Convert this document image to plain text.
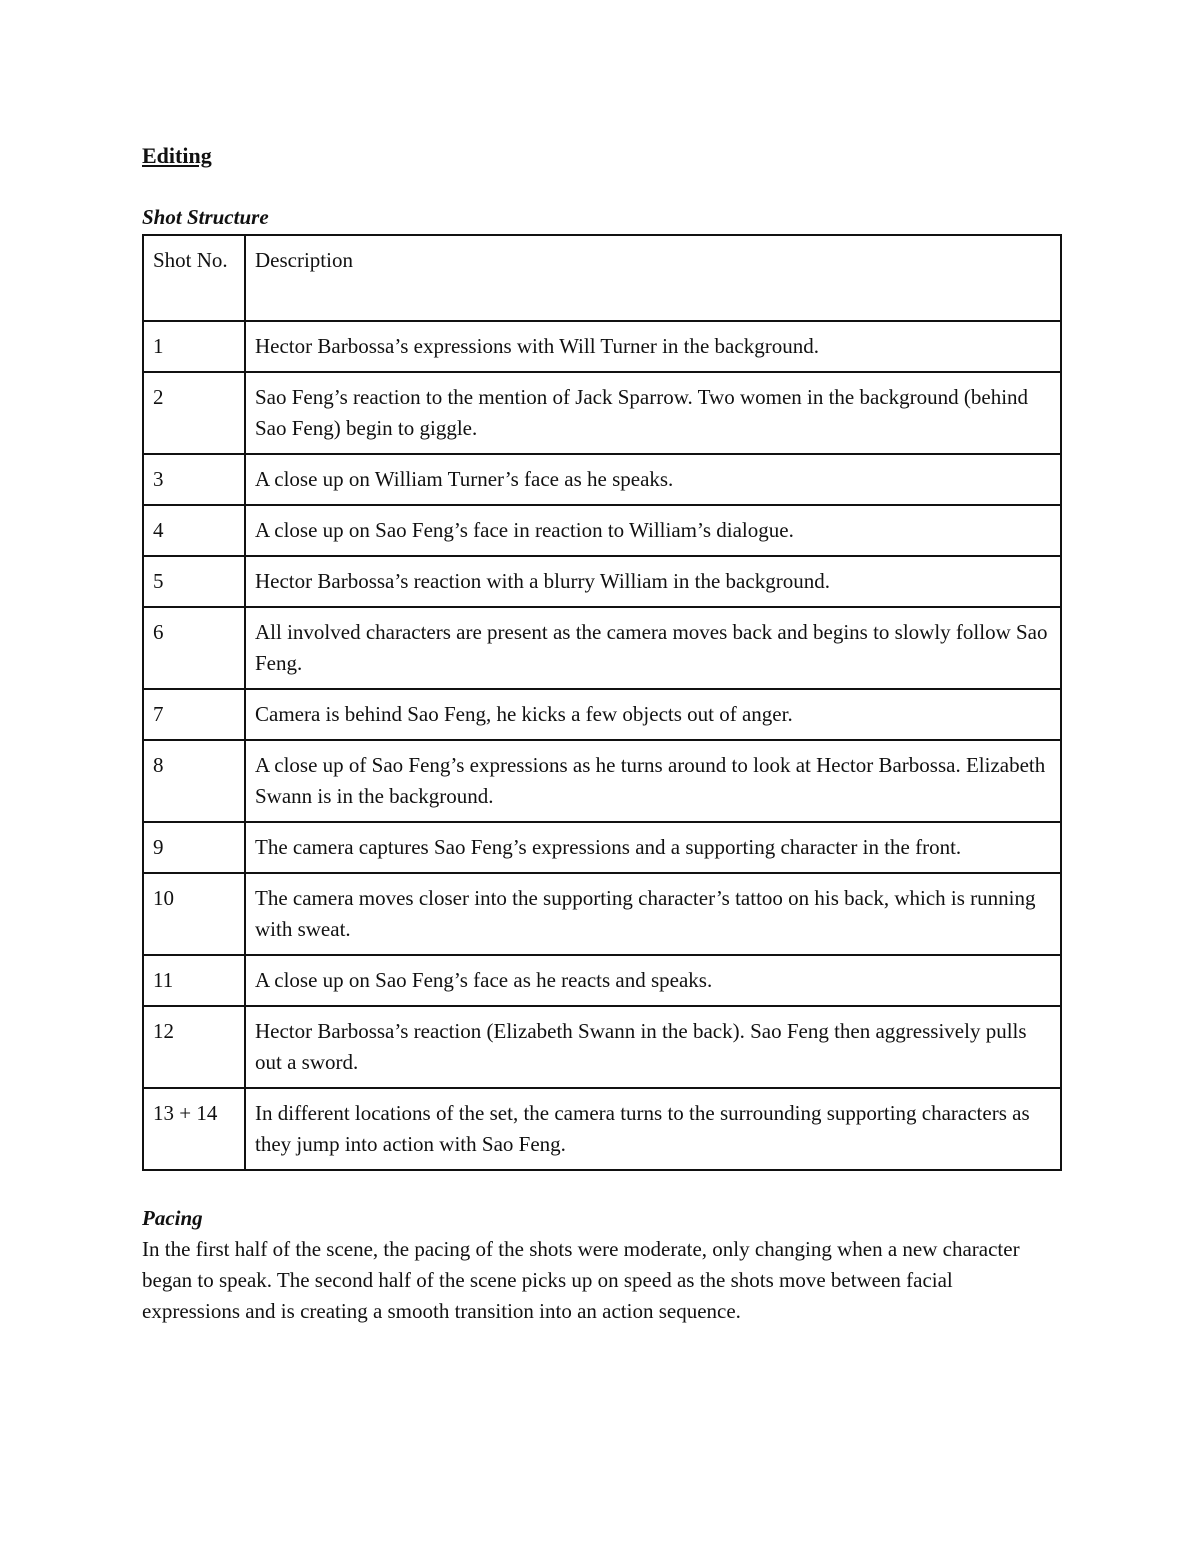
Editing

Shot Structure

Shot No.	Description
1	Hector Barbossa’s expressions with Will Turner in the background.
2	Sao Feng’s reaction to the mention of Jack Sparrow. Two women in the background (behind Sao Feng) begin to giggle.
3	A close up on William Turner’s face as he speaks.
4	A close up on Sao Feng’s face in reaction to William’s dialogue.
5	Hector Barbossa’s reaction with a blurry William in the background.
6	All involved characters are present as the camera moves back and begins to slowly follow Sao Feng.
7	Camera is behind Sao Feng, he kicks a few objects out of anger.
8	A close up of Sao Feng’s expressions as he turns around to look at Hector Barbossa. Elizabeth Swann is in the background.
9	The camera captures Sao Feng’s expressions and a supporting character in the front.
10	The camera moves closer into the supporting character’s tattoo on his back, which is running with sweat.
11	A close up on Sao Feng’s face as he reacts and speaks.
12	Hector Barbossa’s reaction (Elizabeth Swann in the back). Sao Feng then aggressively pulls out a sword.
13 + 14	In different locations of the set, the camera turns to the surrounding supporting characters as they jump into action with Sao Feng.

Pacing

In the first half of the scene, the pacing of the shots were moderate, only changing when a new character began to speak. The second half of the scene picks up on speed as the shots move between facial expressions and is creating a smooth transition into an action sequence.
